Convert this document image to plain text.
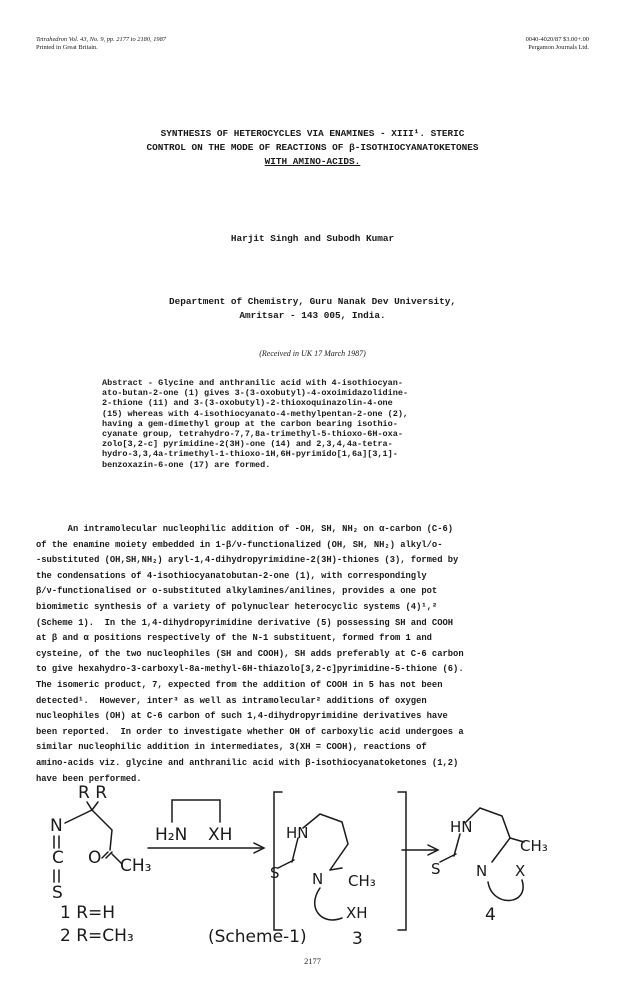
Tetrahedron Vol. 43, No. 9, pp. 2177 to 2180, 1987
Printed in Great Britain.
0040-4020/87 $3.00+.00
Pergamon Journals Ltd.
SYNTHESIS OF HETEROCYCLES VIA ENAMINES - XIII¹. STERIC
CONTROL ON THE MODE OF REACTIONS OF β-ISOTHIOCYANATOKETONES
WITH AMINO-ACIDS.
Harjit Singh and Subodh Kumar
Department of Chemistry, Guru Nanak Dev University,
Amritsar - 143 005, India.
(Received in UK 17 March 1987)
Abstract - Glycine and anthranilic acid with 4-isothiocyan-
ato-butan-2-one (1) gives 3-(3-oxobutyl)-4-oxoimidazolidine-
2-thione (11) and 3-(3-oxobutyl)-2-thioxoquinazolin-4-one
(15) whereas with 4-isothiocyanato-4-methylpentan-2-one (2),
having a gem-dimethyl group at the carbon bearing isothio-
cyanate group, tetrahydro-7,7,8a-trimethyl-5-thioxo-6H-oxa-
zolo[3,2-c] pyrimidine-2(3H)-one (14) and 2,3,4,4a-tetra-
hydro-3,3,4a-trimethyl-1-thioxo-1H,6H-pyrimido[1,6a][3,1]-
benzoxazin-6-one (17) are formed.
An intramolecular nucleophilic addition of -OH, SH, NH₂ on α-carbon (C-6)
of the enamine moiety embedded in 1-β/ν-functionalized (OH, SH, NH₂) alkyl/o-
-substituted (OH,SH,NH₂) aryl-1,4-dihydropyrimidine-2(3H)-thiones (3), formed by
the condensations of 4-isothiocyanatobutan-2-one (1), with correspondingly
β/ν-functionalised or o-substituted alkylamines/anilines, provides a one pot
biomimetic synthesis of a variety of polynuclear heterocyclic systems (4)¹,²
(Scheme 1).  In the 1,4-dihydropyrimidine derivative (5) possessing SH and COOH
at β and α positions respectively of the N-1 substituent, formed from 1 and
cysteine, of the two nucleophiles (SH and COOH), SH adds preferably at C-6 carbon
to give hexahydro-3-carboxyl-8a-methyl-6H-thiazolo[3,2-c]pyrimidine-5-thione (6).
The isomeric product, 7, expected from the addition of COOH in 5 has not been
detected¹.  However, inter³ as well as intramolecular² additions of oxygen
nucleophiles (OH) at C-6 carbon of such 1,4-dihydropyrimidine derivatives have
been reported.  In order to investigate whether OH of carboxylic acid undergoes a
similar nucleophilic addition in intermediates, 3(XH = COOH), reactions of
amino-acids viz. glycine and anthranilic acid with β-isothiocyanatoketones (1,2)
have been performed.
R R
N
C
S
O CH₃
1 R=H
2 R=CH₃
H₂N XH	HN
S N CH₃
XH
3
HN
S N
CH₃
X
4
(Scheme-1)
2177
